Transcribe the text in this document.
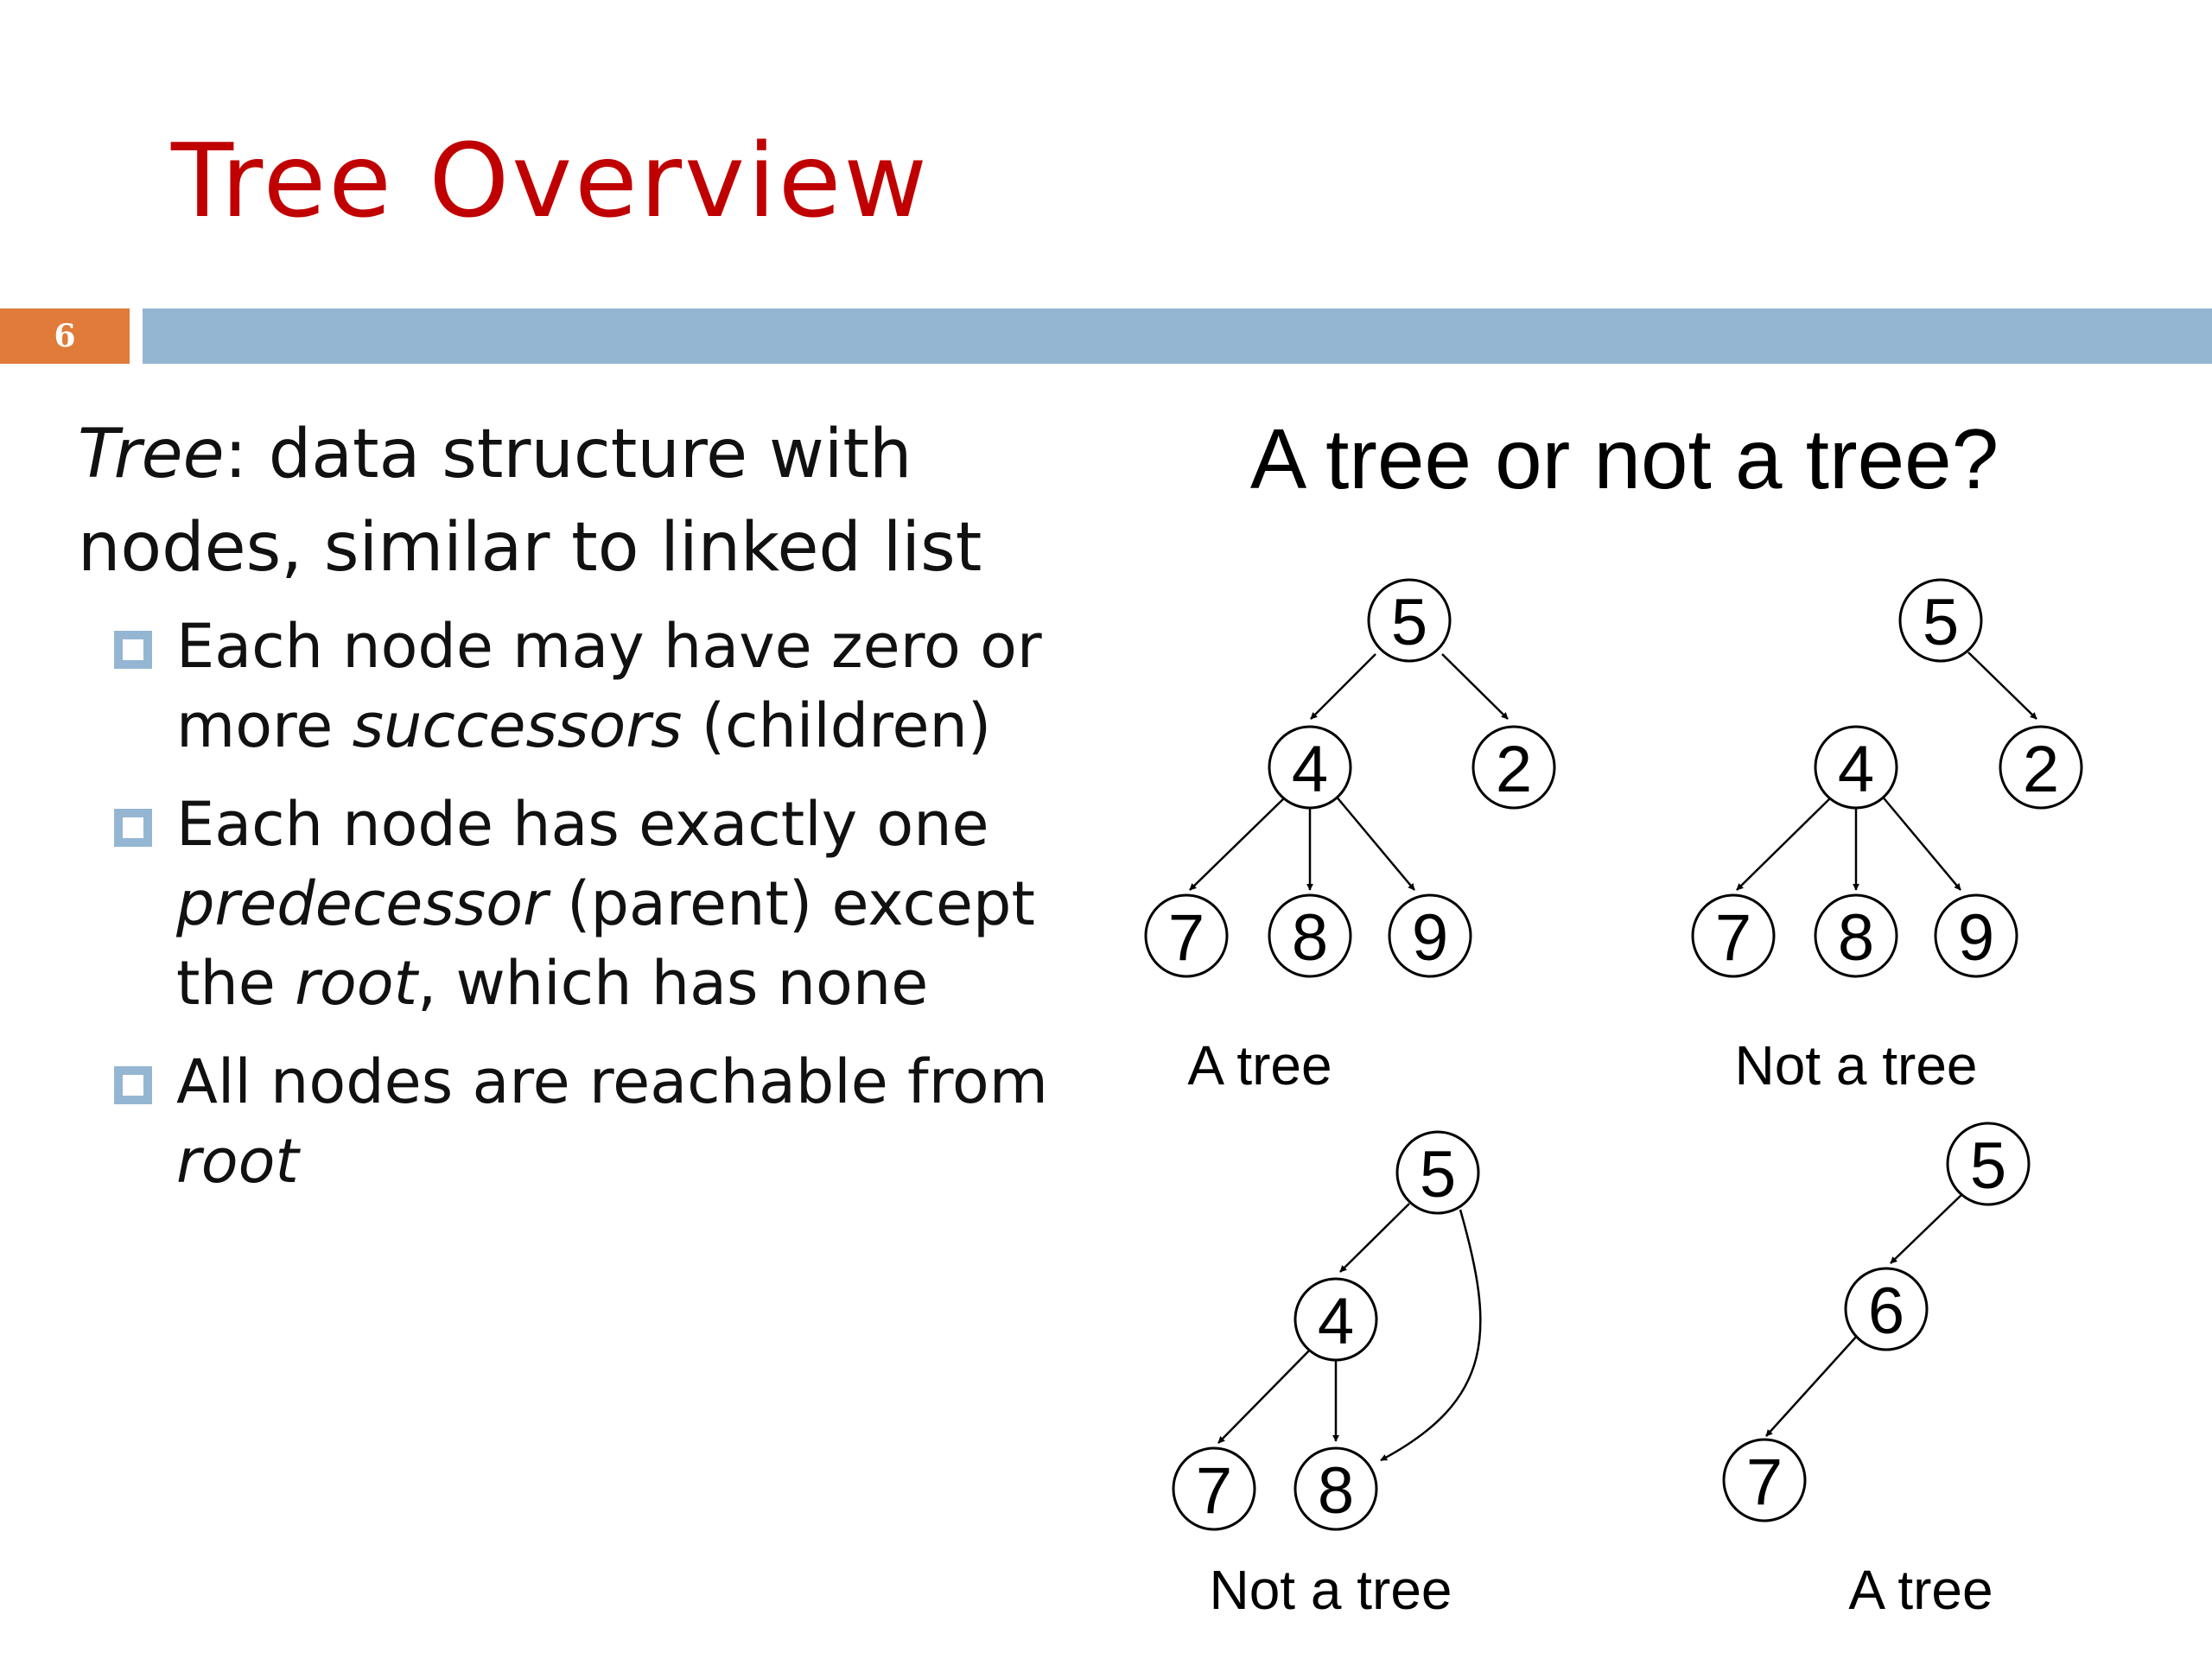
Tree Overview
6

Tree: data structure with nodes, similar to linked list

Each node may have zero or more successors (children)
Each node has exactly one predecessor (parent) except the root, which has none
All nodes are reachable from root
A tree or not a tree?
5
4	2
7 8 9
A tree
5
4 2
7 8 9
Not a tree
5
4
7 8
Not a tree
5
6
7
A tree
